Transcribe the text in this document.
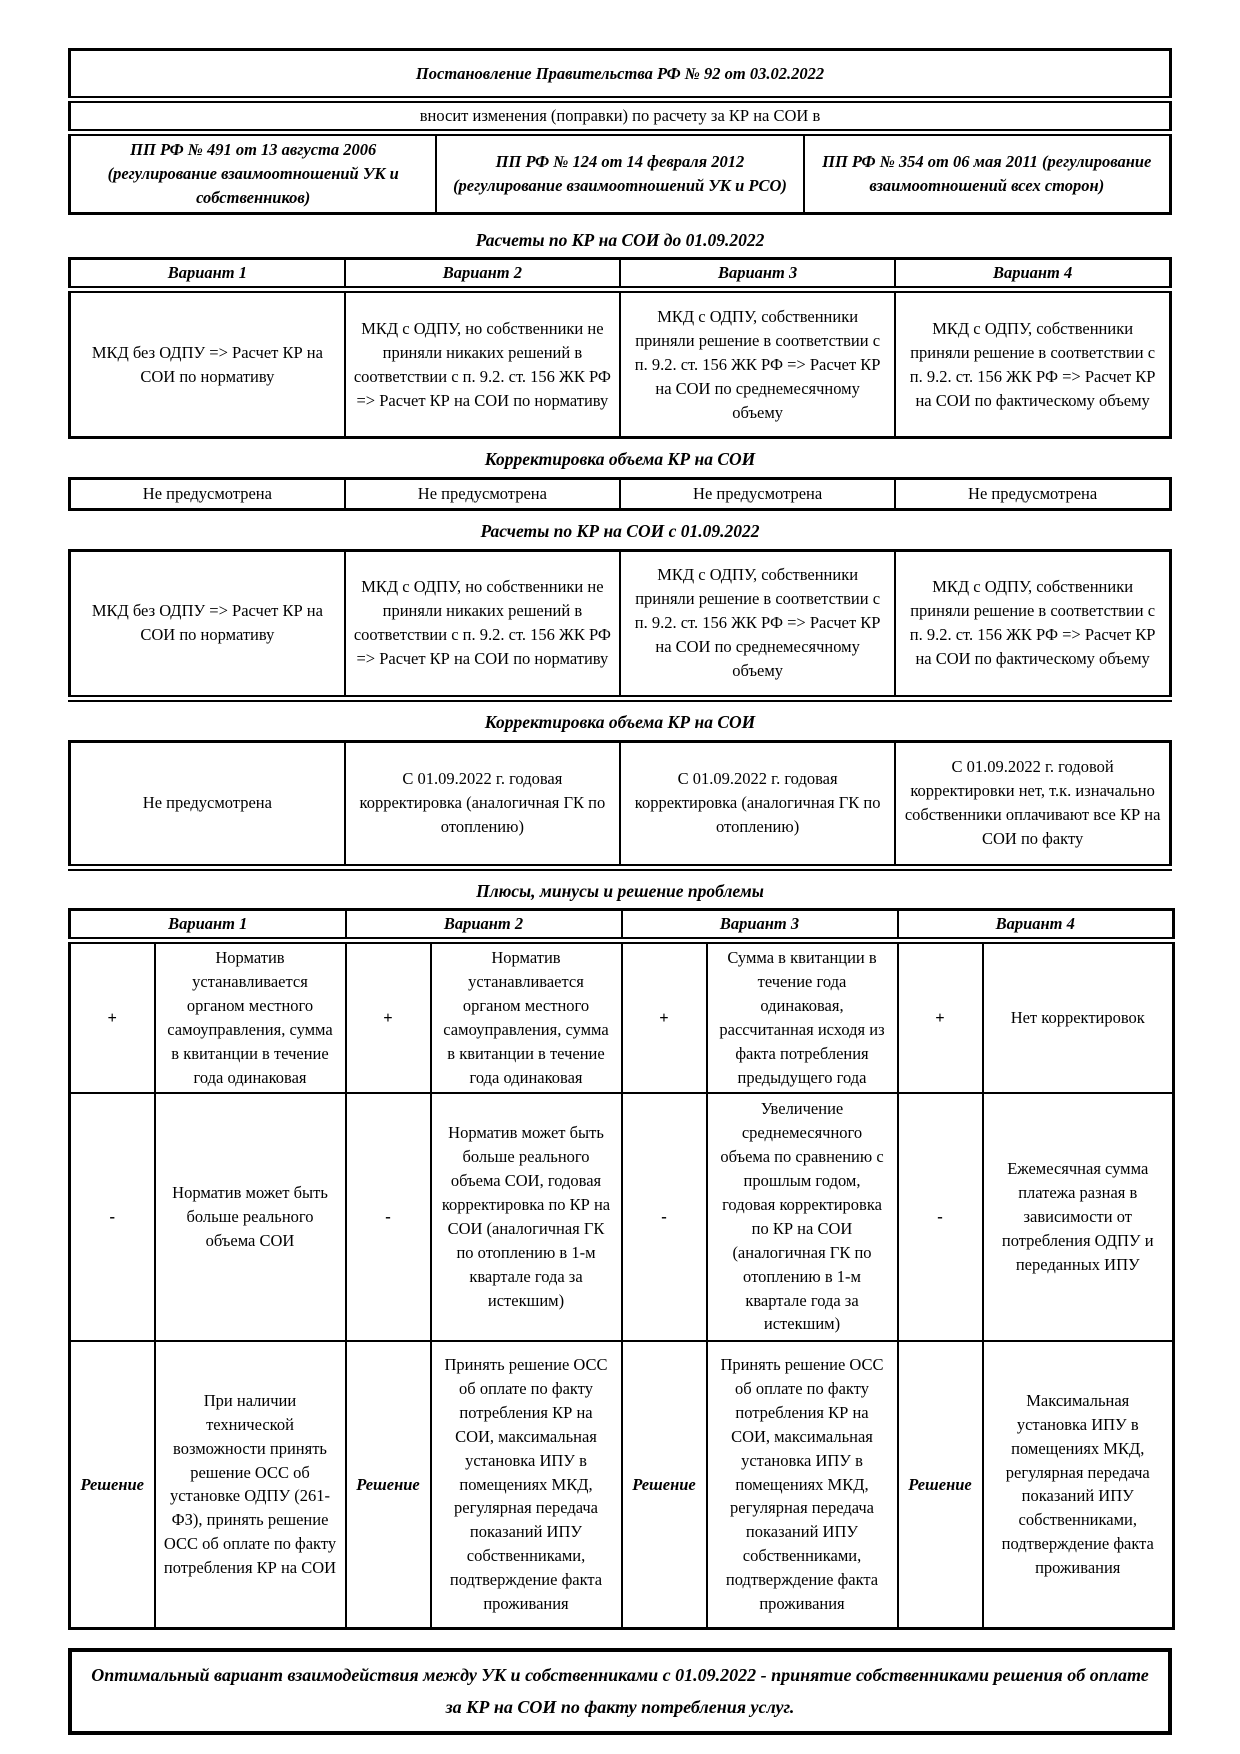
Постановление Правительства РФ № 92 от 03.02.2022
вносит изменения (поправки) по расчету за КР на СОИ в
ПП РФ № 491 от 13 августа 2006 (регулирование взаимоотношений УК и собственников)	ПП РФ № 124 от 14 февраля 2012 (регулирование взаимоотношений УК и РСО)	ПП РФ № 354 от 06 мая 2011 (регулирование взаимоотношений всех сторон)
Расчеты по КР на СОИ до 01.09.2022
Вариант 1	Вариант 2	Вариант 3	Вариант 4
МКД без ОДПУ => Расчет КР на СОИ по нормативу	МКД с ОДПУ, но собственники не приняли никаких решений в соответствии с п. 9.2. ст. 156 ЖК РФ => Расчет КР на СОИ по нормативу	МКД с ОДПУ, собственники приняли решение в соответствии с п. 9.2. ст. 156 ЖК РФ => Расчет КР на СОИ по среднемесячному объему	МКД с ОДПУ, собственники приняли решение в соответствии с п. 9.2. ст. 156 ЖК РФ => Расчет КР на СОИ по фактическому объему
Корректировка объема КР на СОИ
Не предусмотрена	Не предусмотрена	Не предусмотрена	Не предусмотрена
Расчеты по КР на СОИ с 01.09.2022
МКД без ОДПУ => Расчет КР на СОИ по нормативу	МКД с ОДПУ, но собственники не приняли никаких решений в соответствии с п. 9.2. ст. 156 ЖК РФ => Расчет КР на СОИ по нормативу	МКД с ОДПУ, собственники приняли решение в соответствии с п. 9.2. ст. 156 ЖК РФ => Расчет КР на СОИ по среднемесячному объему	МКД с ОДПУ, собственники приняли решение в соответствии с п. 9.2. ст. 156 ЖК РФ => Расчет КР на СОИ по фактическому объему
Корректировка объема КР на СОИ
Не предусмотрена	С 01.09.2022 г. годовая корректировка (аналогичная ГК по отоплению)	С 01.09.2022 г. годовая корректировка (аналогичная ГК по отоплению)	С 01.09.2022 г. годовой корректировки нет, т.к. изначально собственники оплачивают все КР на СОИ по факту
Плюсы, минусы и решение проблемы
Вариант 1		Вариант 2		Вариант 3		Вариант 4	
+	Норматив устанавливается органом местного самоуправления, сумма в квитанции в течение года одинаковая	+	Норматив устанавливается органом местного самоуправления, сумма в квитанции в течение года одинаковая	+	Сумма в квитанции в течение года одинаковая, рассчитанная исходя из факта потребления предыдущего года	+	Нет корректировок
-	Норматив может быть больше реального объема СОИ	-	Норматив может быть больше реального объема СОИ, годовая корректировка по КР на СОИ (аналогичная ГК по отоплению в 1-м квартале года за истекшим)	-	Увеличение среднемесячного объема по сравнению с прошлым годом, годовая корректировка по КР на СОИ (аналогичная ГК по отоплению в 1-м квартале года за истекшим)	-	Ежемесячная сумма платежа разная в зависимости от потребления ОДПУ и переданных ИПУ
Решение	При наличии технической возможности принять решение ОСС об установке ОДПУ (261-ФЗ), принять решение ОСС об оплате по факту потребления КР на СОИ	Решение	Принять решение ОСС об оплате по факту потребления КР на СОИ, максимальная установка ИПУ в помещениях МКД, регулярная передача показаний ИПУ собственниками, подтверждение факта проживания	Решение	Принять решение ОСС об оплате по факту потребления КР на СОИ, максимальная установка ИПУ в помещениях МКД, регулярная передача показаний ИПУ собственниками, подтверждение факта проживания	Решение	Максимальная установка ИПУ в помещениях МКД, регулярная передача показаний ИПУ собственниками, подтверждение факта проживания
Оптимальный вариант взаимодействия между УК и собственниками с 01.09.2022 - принятие собственниками решения об оплате за КР на СОИ по факту потребления услуг.
